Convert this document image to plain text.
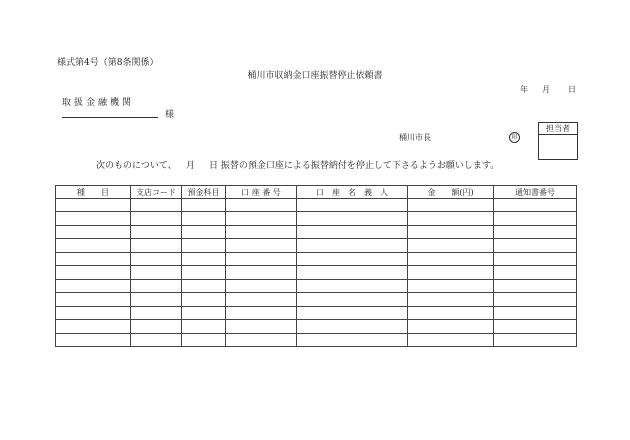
様式第4号（第8条関係）
桶川市収納金口座振替停止依頼書
年 月 日
取扱金融機関
様
担当者
桶川市長	印
次のものについて、 月 日 振替の預金口座による振替納付を停止して下さるようお願いします。
種　　目	支店コード	預金科目	口 座 番 号	口　座　名　義　人	金　　額(円)	通知書番号
